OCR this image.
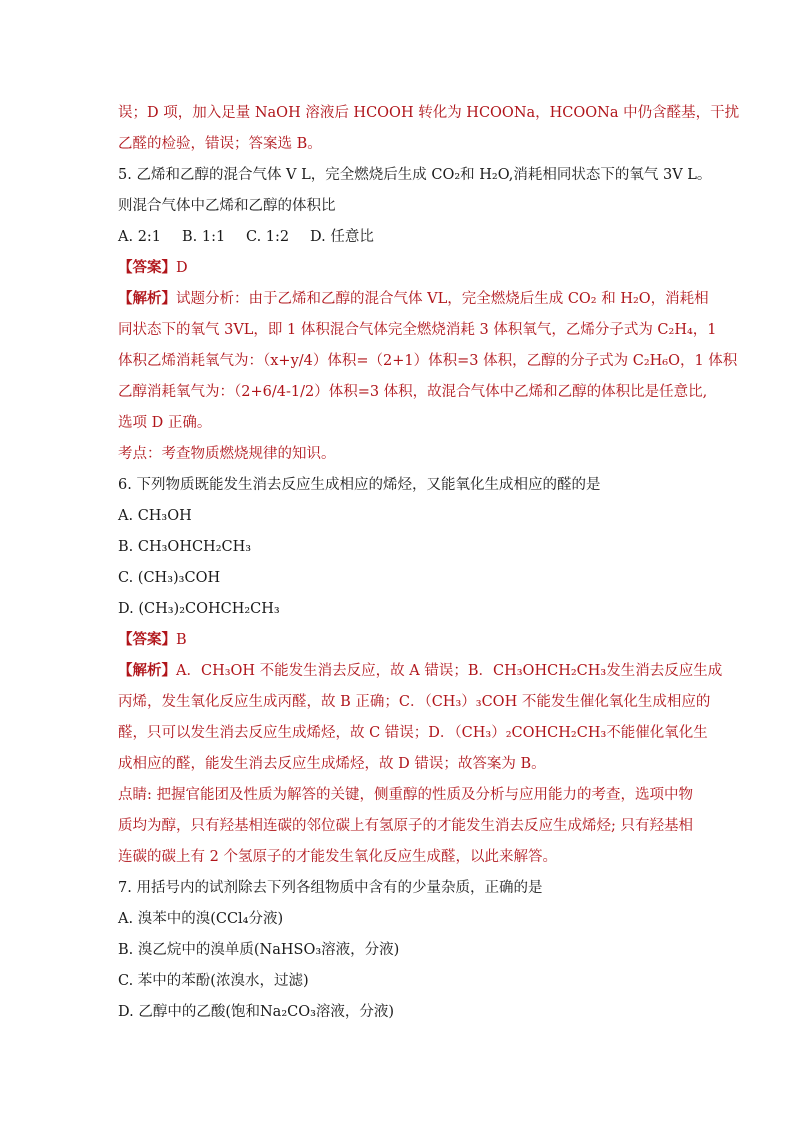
误；D 项，加入足量 NaOH 溶液后 HCOOH 转化为 HCOONa，HCOONa 中仍含醛基，干扰
乙醛的检验，错误；答案选 B。
5. 乙烯和乙醇的混合气体 V L，完全燃烧后生成 CO₂和 H₂O,消耗相同状态下的氧气 3V L。
则混合气体中乙烯和乙醇的体积比
A. 2:1 B. 1:1 C. 1:2 D. 任意比
【答案】D
【解析】试题分析：由于乙烯和乙醇的混合气体 VL，完全燃烧后生成 CO₂ 和 H₂O，消耗相
同状态下的氧气 3VL，即 1 体积混合气体完全燃烧消耗 3 体积氧气，乙烯分子式为 C₂H₄，1
体积乙烯消耗氧气为：（x+y/4）体积=（2+1）体积=3 体积，乙醇的分子式为 C₂H₆O，1 体积
乙醇消耗氧气为：（2+6/4-1/2）体积=3 体积，故混合气体中乙烯和乙醇的体积比是任意比,
选项 D 正确。
考点：考查物质燃烧规律的知识。
6. 下列物质既能发生消去反应生成相应的烯烃，又能氧化生成相应的醛的是
A. CH₃OH
B. CH₃OHCH₂CH₃
C. (CH₃)₃COH
D. (CH₃)₂COHCH₂CH₃
【答案】B
【解析】A．CH₃OH 不能发生消去反应，故 A 错误；B．CH₃OHCH₂CH₃发生消去反应生成
丙烯，发生氧化反应生成丙醛，故 B 正确；C．（CH₃）₃COH 不能发生催化氧化生成相应的
醛，只可以发生消去反应生成烯烃，故 C 错误；D．（CH₃）₂COHCH₂CH₃不能催化氧化生
成相应的醛，能发生消去反应生成烯烃，故 D 错误；故答案为 B。
点睛: 把握官能团及性质为解答的关键，侧重醇的性质及分析与应用能力的考查，选项中物
质均为醇，只有羟基相连碳的邻位碳上有氢原子的才能发生消去反应生成烯烃; 只有羟基相
连碳的碳上有 2 个氢原子的才能发生氧化反应生成醛，以此来解答。
7. 用括号内的试剂除去下列各组物质中含有的少量杂质，正确的是
A. 溴苯中的溴(CCl₄分液)
B. 溴乙烷中的溴单质(NaHSO₃溶液，分液)
C. 苯中的苯酚(浓溴水，过滤)
D. 乙醇中的乙酸(饱和Na₂CO₃溶液，分液)
